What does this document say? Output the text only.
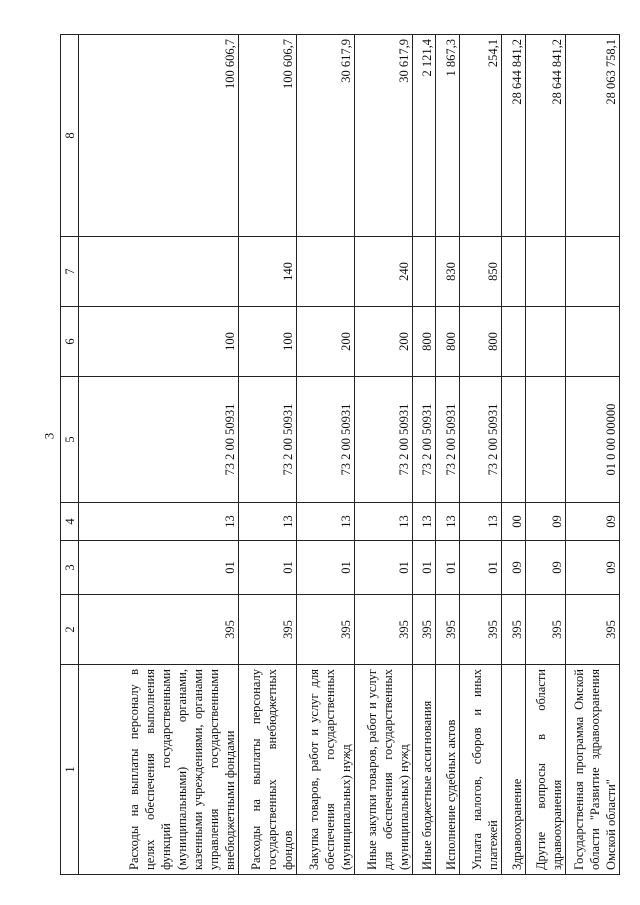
3
1	2	3	4	5	6	7	8
Расходы на выплаты персоналу в целях обеспечения выполнения функций государственными (муниципальными) органами, казенными учреждениями, органами управления государственными внебюджетными фондами	395	01	13	73 2 00 50931	100		100 606,7
Расходы на выплаты персоналу государственных внебюджетных фондов	395	01	13	73 2 00 50931	100	140	100 606,7
Закупка товаров, работ и услуг для обеспечения государственных (муниципальных) нужд	395	01	13	73 2 00 50931	200		30 617,9
Иные закупки товаров, работ и услуг для обеспечения государственных (муниципальных) нужд	395	01	13	73 2 00 50931	200	240	30 617,9
Иные бюджетные ассигнования	395	01	13	73 2 00 50931	800		2 121,4
Исполнение судебных актов	395	01	13	73 2 00 50931	800	830	1 867,3
Уплата налогов, сборов и иных платежей	395	01	13	73 2 00 50931	800	850	254,1
Здравоохранение	395	09	00				28 644 841,2
Другие вопросы в области здравоохранения	395	09	09				28 644 841,2
Государственная программа Омской области "Развитие здравоохранения Омской области"	395	09	09	01 0 00 00000			28 063 758,1
